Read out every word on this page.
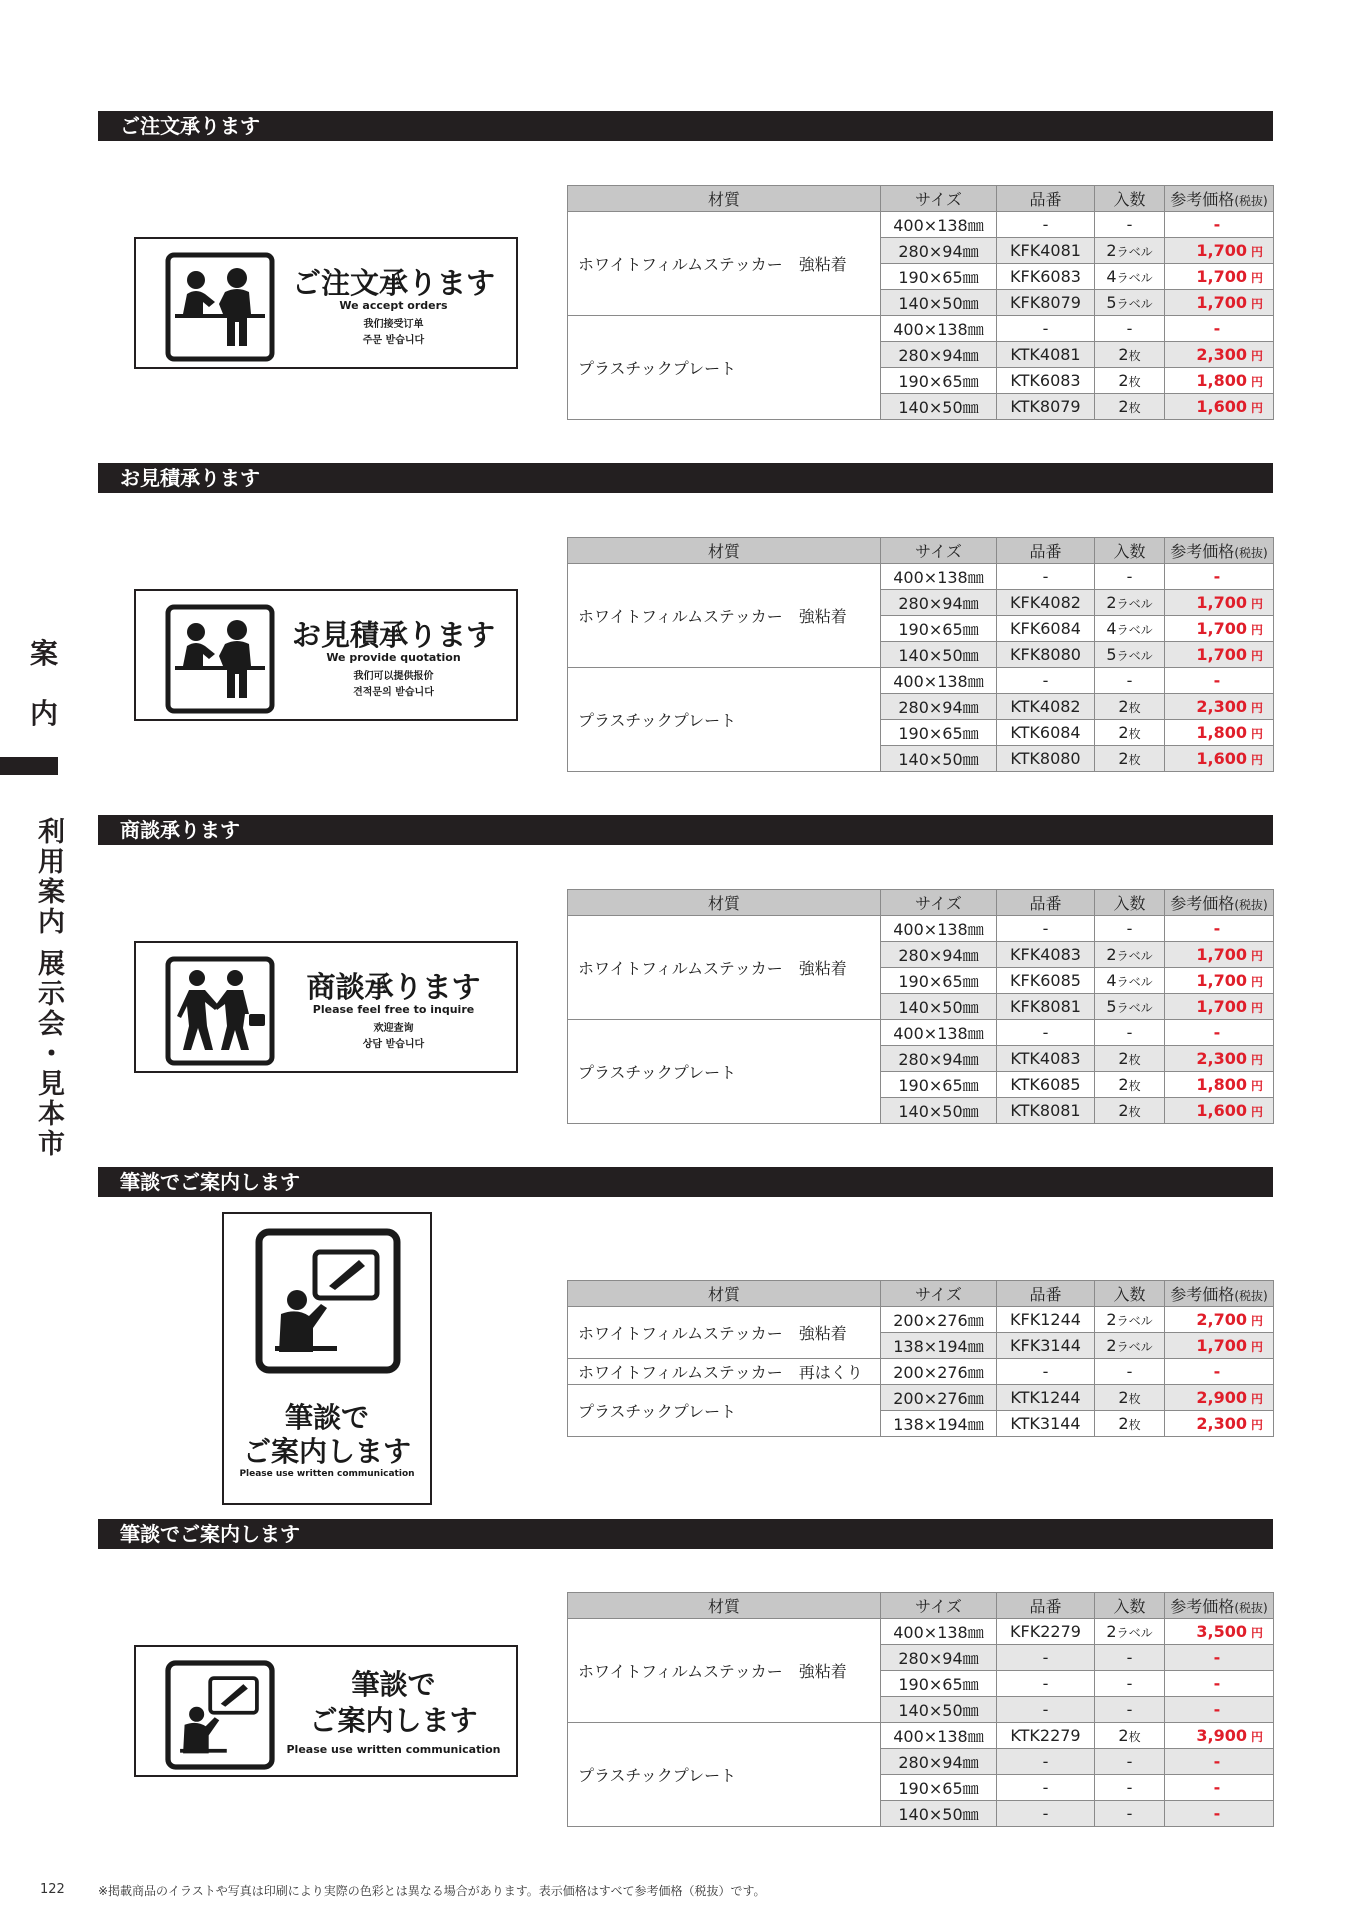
案
内
利用案内 展示会・見本市
ご注文承ります
お見積承ります
商談承ります
筆談でご案内します
筆談でご案内します
ご注文承ります
We accept orders
我们接受订单
주문 받습니다
お見積承ります
We provide quotation
我们可以提供报价
견적문의 받습니다
商談承ります
Please feel free to inquire
欢迎查询
상담 받습니다
筆談で
ご案内します
Please use written communication
筆談で
ご案内します
Please use written communication
材質	サイズ	品番	入数	参考価格(税抜)
ホワイトフィルムステッカー　強粘着	400×138㎜	-	-	-
	280×94㎜	KFK4081	2ラベル	1,700 円
	190×65㎜	KFK6083	4ラベル	1,700 円
	140×50㎜	KFK8079	5ラベル	1,700 円
プラスチックプレート	400×138㎜	-	-	-
	280×94㎜	KTK4081	2枚	2,300 円
	190×65㎜	KTK6083	2枚	1,800 円
	140×50㎜	KTK8079	2枚	1,600 円
材質	サイズ	品番	入数	参考価格(税抜)
ホワイトフィルムステッカー　強粘着	400×138㎜	-	-	-
	280×94㎜	KFK4082	2ラベル	1,700 円
	190×65㎜	KFK6084	4ラベル	1,700 円
	140×50㎜	KFK8080	5ラベル	1,700 円
プラスチックプレート	400×138㎜	-	-	-
	280×94㎜	KTK4082	2枚	2,300 円
	190×65㎜	KTK6084	2枚	1,800 円
	140×50㎜	KTK8080	2枚	1,600 円
材質	サイズ	品番	入数	参考価格(税抜)
ホワイトフィルムステッカー　強粘着	400×138㎜	-	-	-
	280×94㎜	KFK4083	2ラベル	1,700 円
	190×65㎜	KFK6085	4ラベル	1,700 円
	140×50㎜	KFK8081	5ラベル	1,700 円
プラスチックプレート	400×138㎜	-	-	-
	280×94㎜	KTK4083	2枚	2,300 円
	190×65㎜	KTK6085	2枚	1,800 円
	140×50㎜	KTK8081	2枚	1,600 円
材質	サイズ	品番	入数	参考価格(税抜)
ホワイトフィルムステッカー　強粘着	200×276㎜	KFK1244	2ラベル	2,700 円
	138×194㎜	KFK3144	2ラベル	1,700 円
ホワイトフィルムステッカー　再はくり	200×276㎜	-	-	-
プラスチックプレート	200×276㎜	KTK1244	2枚	2,900 円
	138×194㎜	KTK3144	2枚	2,300 円
材質	サイズ	品番	入数	参考価格(税抜)
ホワイトフィルムステッカー　強粘着	400×138㎜	KFK2279	2ラベル	3,500 円
	280×94㎜	-	-	-
	190×65㎜	-	-	-
	140×50㎜	-	-	-
プラスチックプレート	400×138㎜	KTK2279	2枚	3,900 円
	280×94㎜	-	-	-
	190×65㎜	-	-	-
	140×50㎜	-	-	-
122	※掲載商品のイラストや写真は印刷により実際の色彩とは異なる場合があります。表示価格はすべて参考価格（税抜）です。
